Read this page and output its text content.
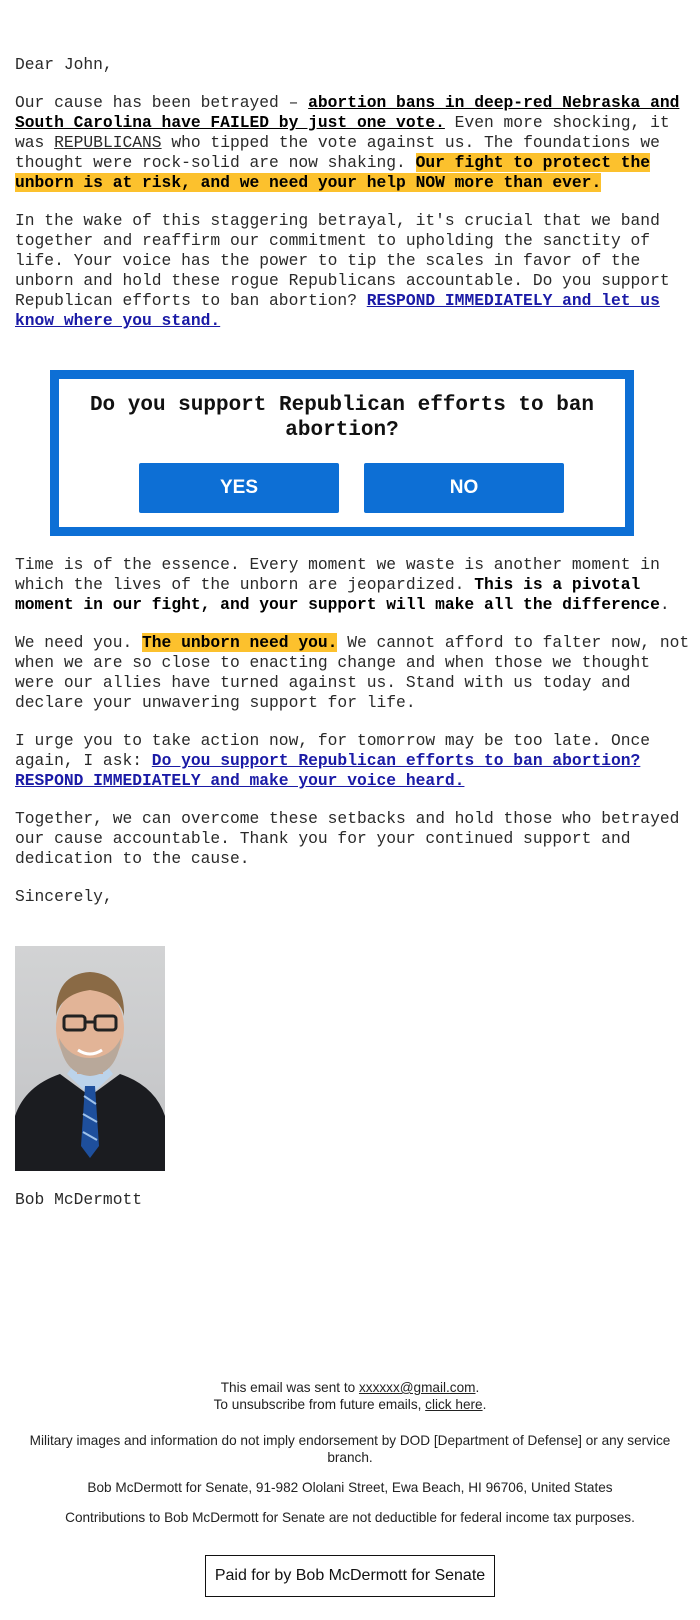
Dear John,

Our cause has been betrayed – abortion bans in deep-red Nebraska and South Carolina have FAILED by just one vote. Even more shocking, it was REPUBLICANS who tipped the vote against us. The foundations we thought were rock-solid are now shaking. Our fight to protect the unborn is at risk, and we need your help NOW more than ever.

In the wake of this staggering betrayal, it's crucial that we band together and reaffirm our commitment to upholding the sanctity of life. Your voice has the power to tip the scales in favor of the unborn and hold these rogue Republicans accountable. Do you support Republican efforts to ban abortion? RESPOND IMMEDIATELY and let us know where you stand.

Do you support Republican efforts to ban abortion?
YES	NO

Time is of the essence. Every moment we waste is another moment in which the lives of the unborn are jeopardized. This is a pivotal moment in our fight, and your support will make all the difference.

We need you. The unborn need you. We cannot afford to falter now, not when we are so close to enacting change and when those we thought were our allies have turned against us. Stand with us today and declare your unwavering support for life.

I urge you to take action now, for tomorrow may be too late. Once again, I ask: Do you support Republican efforts to ban abortion? RESPOND IMMEDIATELY and make your voice heard.

Together, we can overcome these setbacks and hold those who betrayed our cause accountable. Thank you for your continued support and dedication to the cause.

Sincerely,

Bob McDermott
This email was sent to xxxxxx@gmail.com.
To unsubscribe from future emails, click here.
Military images and information do not imply endorsement by DOD [Department of Defense] or any service branch.
Bob McDermott for Senate, 91-982 Ololani Street, Ewa Beach, HI 96706, United States
Contributions to Bob McDermott for Senate are not deductible for federal income tax purposes.
Paid for by Bob McDermott for Senate
